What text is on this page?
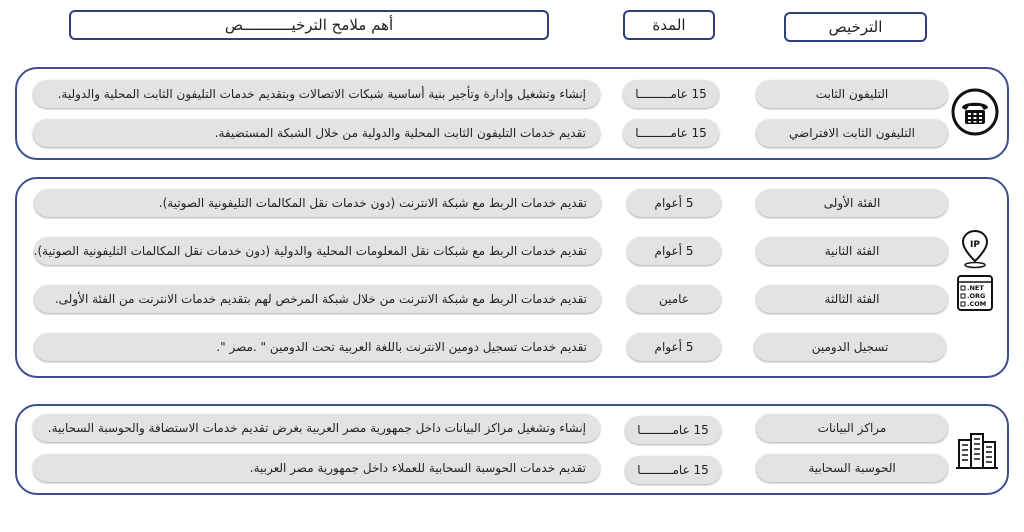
أهم ملامح الترخيـــــــــــص	المدة	الترخيص
التليفون الثابت
15 عامـــــــــا
إنشاء وتشغيل وإدارة وتأجير بنية أساسية شبكات الاتصالات وبتقديم خدمات التليفون الثابت المحلية والدولية.
التليفون الثابت الافتراضي
15 عامـــــــــا
تقديم خدمات التليفون الثابت المحلية والدولية من خلال الشبكة المستضيفة.
الفئة الأولى
5 أعوام
تقديم خدمات الربط مع شبكة الانترنت (دون خدمات نقل المكالمات التليفونية الصوتية).
الفئة الثانية
5 أعوام
تقديم خدمات الربط مع شبكات نقل المعلومات المحلية والدولية (دون خدمات نقل المكالمات التليفونية الصوتية).
الفئة الثالثة
عامين
تقديم خدمات الربط مع شبكة الانترنت من خلال شبكة المرخص لهم بتقديم خدمات الانترنت من الفئة الأولى.
تسجيل الدومين
5 أعوام
تقديم خدمات تسجيل دومين الانترنت باللغة العربية تحت الدومين " .مصر ".
IP
.NET
.ORG
.COM
مراكز البيانات
15 عامـــــــــا
إنشاء وتشغيل مراكز البيانات داخل جمهورية مصر العربية بغرض تقديم خدمات الاستضافة والحوسبة السحابية.
الحوسبة السحابية
15 عامـــــــــا
تقديم خدمات الحوسبة السحابية للعملاء داخل جمهورية مصر العربية.
